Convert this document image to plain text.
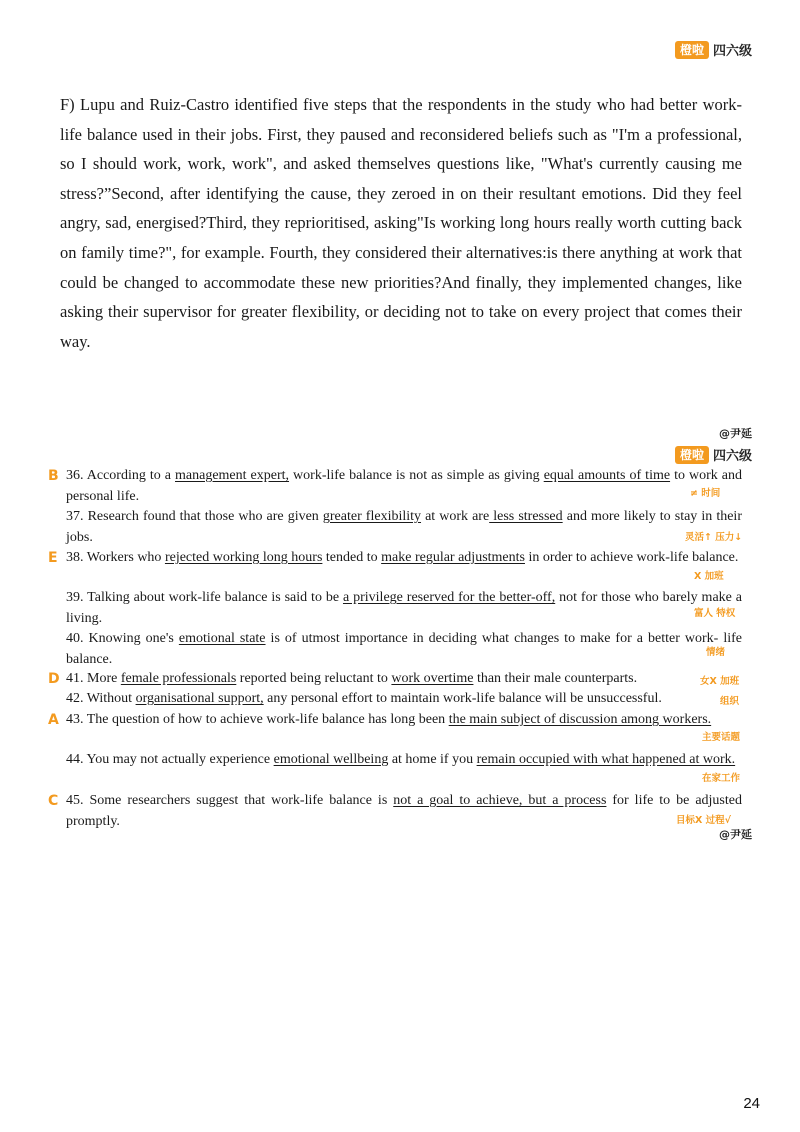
橙啦 四六级

F) Lupu and Ruiz-Castro identified five steps that the respondents in the study who had better work-life balance used in their jobs. First, they paused and reconsidered beliefs such as "I'm a professional, so I should work, work, work", and asked themselves questions like, "What's currently causing me stress?”Second, after identifying the cause, they zeroed in on their resultant emotions. Did they feel angry, sad, energised?Third, they reprioritised, asking"Is working long hours really worth cutting back on family time?", for example. Fourth, they considered their alternatives:is there anything at work that could be changed to accommodate these new priorities?And finally, they implemented changes, like asking their supervisor for greater flexibility, or deciding not to take on every project that comes their way.

@尹延
橙啦 四六级
B 36. According to a management expert, work-life balance is not as simple as giving equal amounts of time to work and personal life.	≠ 时间
37. Research found that those who are given greater flexibility at work are less stressed and more likely to stay in their jobs.	灵活↑ 压力↓
E 38. Workers who rejected working long hours tended to make regular adjustments in order to achieve work-life balance.
X 加班
39. Talking about work-life balance is said to be a privilege reserved for the better-off, not for those who barely make a living.	富人 特权
40. Knowing one's emotional state is of utmost importance in deciding what changes to make for a better work- life balance.	情绪
D 41. More female professionals reported being reluctant to work overtime than their male counterparts.	女X 加班
42. Without organisational support, any personal effort to maintain work-life balance will be unsuccessful.	组织
A 43. The question of how to achieve work-life balance has long been the main subject of discussion among workers.
主要话题
44. You may not actually experience emotional wellbeing at home if you remain occupied with what happened at work.
在家工作
C 45. Some researchers suggest that work-life balance is not a goal to achieve, but a process for life to be adjusted promptly.	目标X 过程√
@尹延
24
